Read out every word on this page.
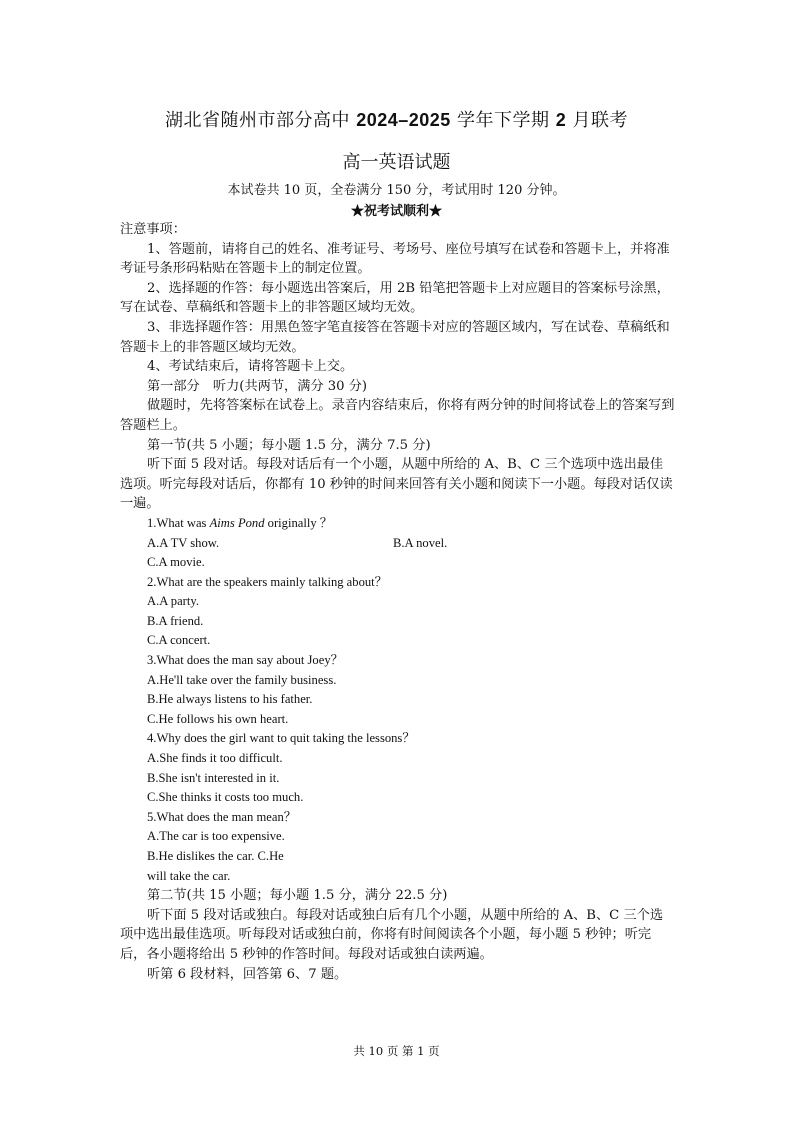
湖北省随州市部分高中 2024–2025 学年下学期 2 月联考
高一英语试题
本试卷共 10 页，全卷满分 150 分，考试用时 120 分钟。
★祝考试顺利★

注意事项：

1、答题前，请将自己的姓名、准考证号、考场号、座位号填写在试卷和答题卡上，并将准考证号条形码粘贴在答题卡上的制定位置。

2、选择题的作答：每小题选出答案后，用 2B 铅笔把答题卡上对应题目的答案标号涂黑，写在试卷、草稿纸和答题卡上的非答题区域均无效。

3、非选择题作答：用黑色签字笔直接答在答题卡对应的答题区域内，写在试卷、草稿纸和答题卡上的非答题区域均无效。

4、考试结束后，请将答题卡上交。

第一部分　听力(共两节，满分 30 分)

做题时，先将答案标在试卷上。录音内容结束后，你将有两分钟的时间将试卷上的答案写到答题栏上。

第一节(共 5 小题；每小题 1.5 分，满分 7.5 分)

听下面 5 段对话。每段对话后有一个小题，从题中所给的 A、B、C 三个选项中选出最佳选项。听完每段对话后，你都有 10 秒钟的时间来回答有关小题和阅读下一小题。每段对话仅读一遍。

1.What was Aims Pond originally ？

A.A TV show.	B.A novel.

C.A movie.

2.What are the speakers mainly talking about？

A.A party.

B.A friend.

C.A concert.

3.What does the man say about Joey？

A.He'll take over the family business.

B.He always listens to his father.

C.He follows his own heart.

4.Why does the girl want to quit taking the lessons？

A.She finds it too difficult.

B.She isn't interested in it.

C.She thinks it costs too much.

5.What does the man mean？

A.The car is too expensive.

B.He dislikes the car. C.He

will take the car.

第二节(共 15 小题；每小题 1.5 分，满分 22.5 分)

听下面 5 段对话或独白。每段对话或独白后有几个小题，从题中所给的 A、B、C 三个选项中选出最佳选项。听每段对话或独白前，你将有时间阅读各个小题，每小题 5 秒钟；听完后，各小题将给出 5 秒钟的作答时间。每段对话或独白读两遍。

听第 6 段材料，回答第 6、7 题。

共 10 页 第 1 页
